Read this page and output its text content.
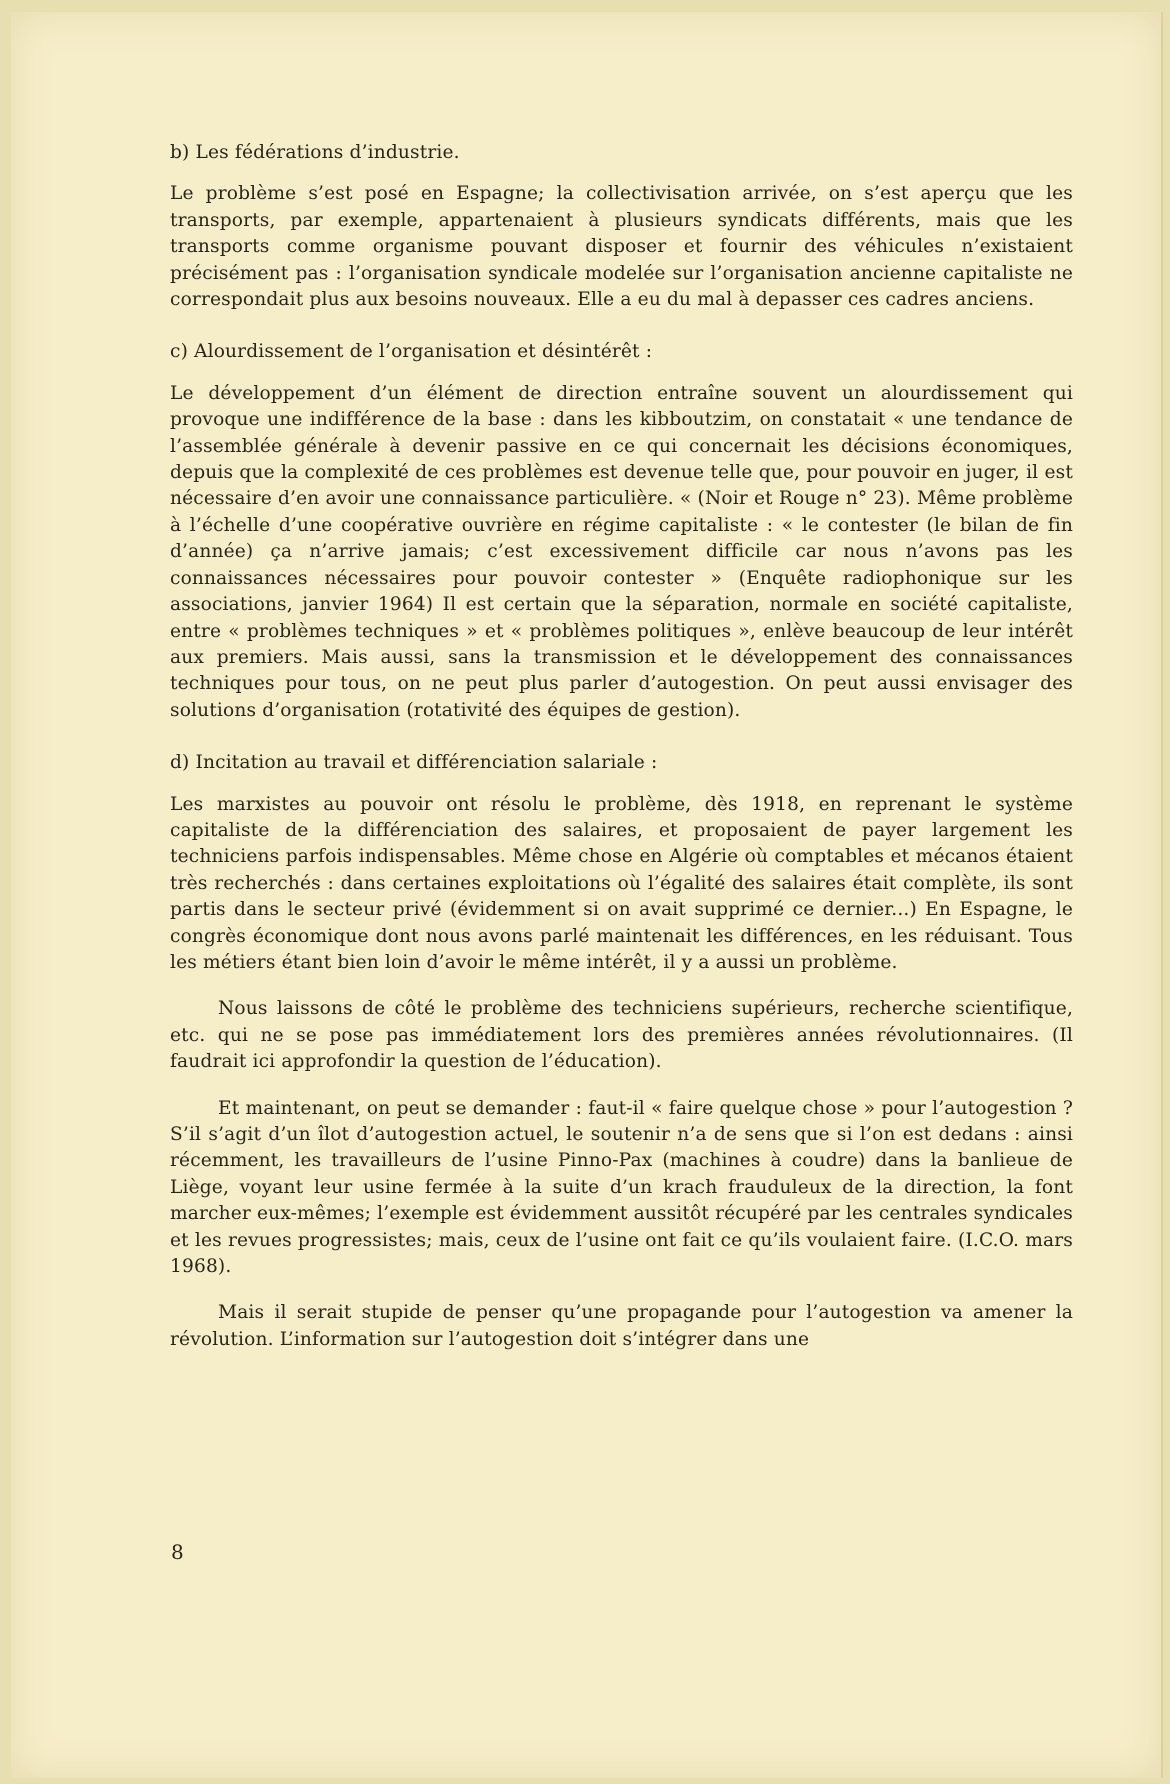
b) Les fédérations d’industrie.

Le problème s’est posé en Espagne; la collectivisation arrivée, on s’est aperçu que les transports, par exemple, appartenaient à plusieurs syndicats différents, mais que les transports comme organisme pouvant disposer et fournir des véhicules n’existaient précisément pas : l’organisation syndicale modelée sur l’organisation ancienne capitaliste ne correspondait plus aux besoins nouveaux. Elle a eu du mal à depasser ces cadres anciens.

c) Alourdissement de l’organisation et désintérêt :

Le développement d’un élément de direction entraîne souvent un alourdissement qui provoque une indifférence de la base : dans les kibboutzim, on constatait « une tendance de l’assemblée générale à devenir passive en ce qui concernait les décisions économiques, depuis que la complexité de ces problèmes est devenue telle que, pour pouvoir en juger, il est nécessaire d’en avoir une connaissance particulière. « (Noir et Rouge n° 23). Même problème à l’échelle d’une coopérative ouvrière en régime capitaliste : « le contester (le bilan de fin d’année) ça n’arrive jamais; c’est excessivement difficile car nous n’avons pas les connaissances nécessaires pour pouvoir contester » (Enquête radiophonique sur les associations, janvier 1964) Il est certain que la séparation, normale en société capitaliste, entre « problèmes techniques » et « problèmes politiques », enlève beaucoup de leur intérêt aux premiers. Mais aussi, sans la transmission et le développement des connaissances techniques pour tous, on ne peut plus parler d’autogestion. On peut aussi envisager des solutions d’organisation (rotativité des équipes de gestion).

d) Incitation au travail et différenciation salariale :

Les marxistes au pouvoir ont résolu le problème, dès 1918, en reprenant le système capitaliste de la différenciation des salaires, et proposaient de payer largement les techniciens parfois indispensables. Même chose en Algérie où comptables et mécanos étaient très recherchés : dans certaines exploitations où l’égalité des salaires était complète, ils sont partis dans le secteur privé (évidemment si on avait supprimé ce dernier...) En Espagne, le congrès économique dont nous avons parlé maintenait les différences, en les réduisant. Tous les métiers étant bien loin d’avoir le même intérêt, il y a aussi un problème.

Nous laissons de côté le problème des techniciens supérieurs, recherche scientifique, etc. qui ne se pose pas immédiatement lors des premières années révolutionnaires. (Il faudrait ici approfondir la question de l’éducation).

Et maintenant, on peut se demander : faut-il « faire quelque chose » pour l’autogestion ? S’il s’agit d’un îlot d’autogestion actuel, le soutenir n’a de sens que si l’on est dedans : ainsi récemment, les travailleurs de l’usine Pinno-Pax (machines à coudre) dans la banlieue de Liège, voyant leur usine fermée à la suite d’un krach frauduleux de la direction, la font marcher eux-mêmes; l’exemple est évidemment aussitôt récupéré par les centrales syndicales et les revues progressistes; mais, ceux de l’usine ont fait ce qu’ils voulaient faire. (I.C.O. mars 1968).

Mais il serait stupide de penser qu’une propagande pour l’autogestion va amener la révolution. L’information sur l’autogestion doit s’intégrer dans une

8
